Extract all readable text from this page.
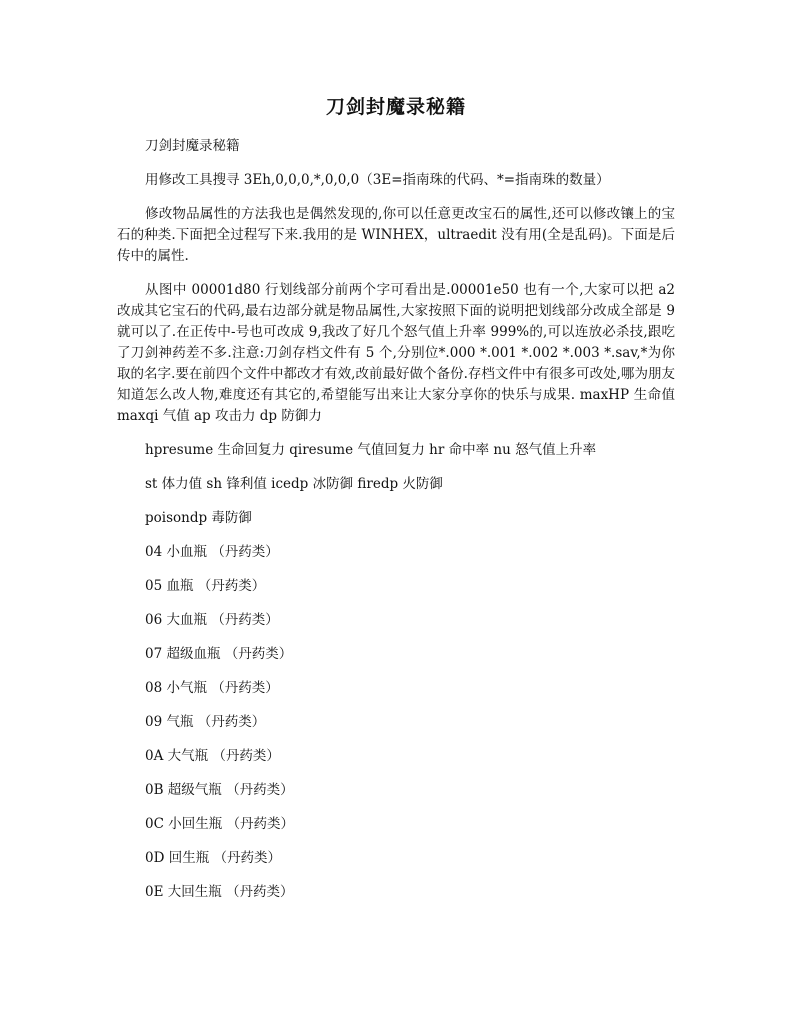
刀剑封魔录秘籍

刀剑封魔录秘籍

用修改工具搜寻 3Eh,0,0,0,*,0,0,0（3E=指南珠的代码、*=指南珠的数量）

修改物品属性的方法我也是偶然发现的,你可以任意更改宝石的属性,还可以修改镶上的宝石的种类.下面把全过程写下来.我用的是 WINHEX，ultraedit 没有用(全是乱码)。下面是后传中的属性.

从图中 00001d80 行划线部分前两个字可看出是.00001e50 也有一个,大家可以把 a2 改成其它宝石的代码,最右边部分就是物品属性,大家按照下面的说明把划线部分改成全部是 9 就可以了.在正传中-号也可改成 9,我改了好几个怒气值上升率 999%的,可以连放必杀技,跟吃了刀剑神药差不多.注意:刀剑存档文件有 5 个,分别位*.000 *.001 *.002 *.003 *.sav,*为你取的名字.要在前四个文件中都改才有效,改前最好做个备份.存档文件中有很多可改处,哪为朋友知道怎么改人物,难度还有其它的,希望能写出来让大家分享你的快乐与成果. maxHP 生命值 maxqi 气值 ap 攻击力 dp 防御力

hpresume 生命回复力 qiresume 气值回复力 hr 命中率 nu 怒气值上升率

st 体力值 sh 锋利值 icedp 冰防御 firedp 火防御

poisondp 毒防御

04 小血瓶 （丹药类）

05 血瓶 （丹药类）

06 大血瓶 （丹药类）

07 超级血瓶 （丹药类）

08 小气瓶 （丹药类）

09 气瓶 （丹药类）

0A 大气瓶 （丹药类）

0B 超级气瓶 （丹药类）

0C 小回生瓶 （丹药类）

0D 回生瓶 （丹药类）

0E 大回生瓶 （丹药类）
